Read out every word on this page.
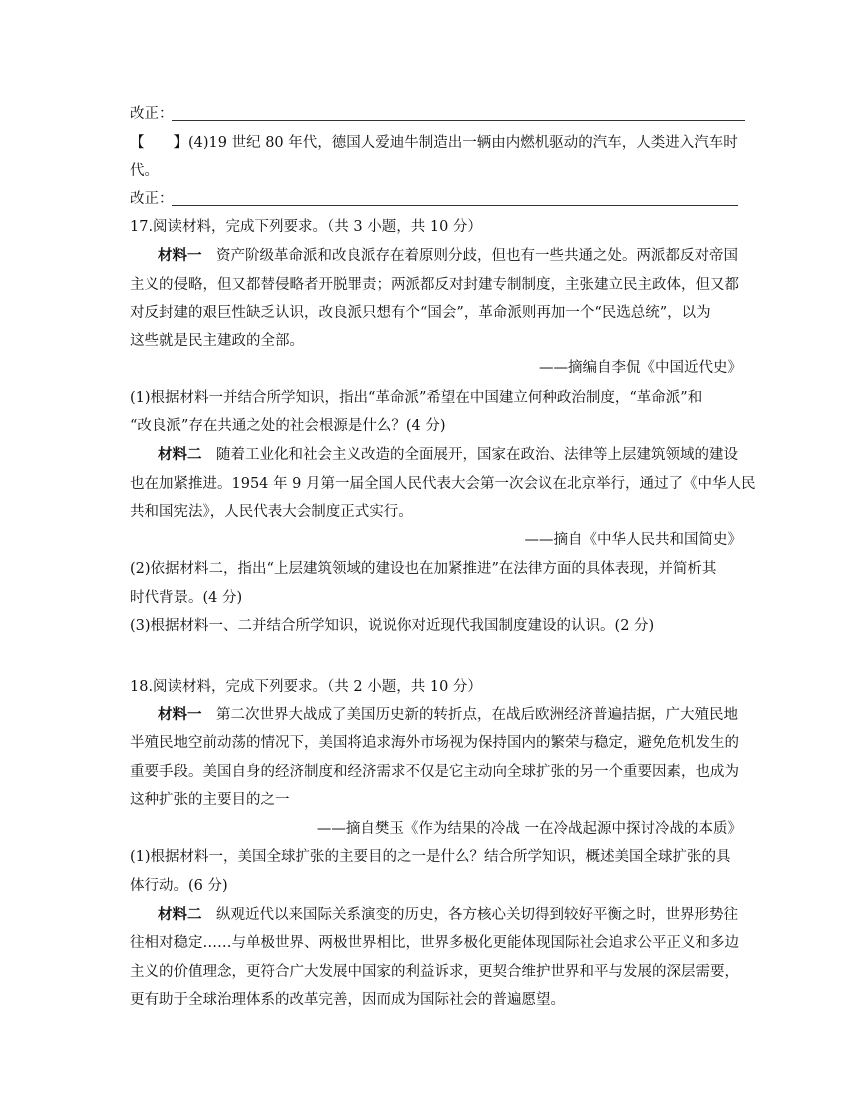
改正：
【　　】(4)19 世纪 80 年代，德国人爱迪牛制造出一辆由内燃机驱动的汽车，人类进入汽车时
代。
改正：
17.阅读材料，完成下列要求。（共 3 小题，共 10 分）
材料一　资产阶级革命派和改良派存在着原则分歧，但也有一些共通之处。两派都反对帝国
主义的侵略，但又都替侵略者开脱罪责；两派都反对封建专制制度，主张建立民主政体，但又都
对反封建的艰巨性缺乏认识，改良派只想有个“国会”，革命派则再加一个“民选总统”，以为
这些就是民主建政的全部。
——摘编自李侃《中国近代史》
(1)根据材料一并结合所学知识，指出“革命派”希望在中国建立何种政治制度，“革命派”和
“改良派”存在共通之处的社会根源是什么？(4 分)
材料二　随着工业化和社会主义改造的全面展开，国家在政治、法律等上层建筑领域的建设
也在加紧推进。1954 年 9 月第一届全国人民代表大会第一次会议在北京举行，通过了《中华人民
共和国宪法》，人民代表大会制度正式实行。
——摘自《中华人民共和国简史》
(2)依据材料二，指出“上层建筑领域的建设也在加紧推进”在法律方面的具体表现，并简析其
时代背景。(4 分)
(3)根据材料一、二并结合所学知识，说说你对近现代我国制度建设的认识。(2 分)
18.阅读材料，完成下列要求。（共 2 小题，共 10 分）
材料一　第二次世界大战成了美国历史新的转折点，在战后欧洲经济普遍拮据，广大殖民地
半殖民地空前动荡的情况下，美国将追求海外市场视为保持国内的繁荣与稳定，避免危机发生的
重要手段。美国自身的经济制度和经济需求不仅是它主动向全球扩张的另一个重要因素，也成为
这种扩张的主要目的之一
——摘自樊玉《作为结果的冷战 一在冷战起源中探讨冷战的本质》
(1)根据材料一，美国全球扩张的主要目的之一是什么？结合所学知识，概述美国全球扩张的具
体行动。(6 分)
材料二　纵观近代以来国际关系演变的历史，各方核心关切得到较好平衡之时，世界形势往
往相对稳定……与单极世界、两极世界相比，世界多极化更能体现国际社会追求公平正义和多边
主义的价值理念，更符合广大发展中国家的利益诉求，更契合维护世界和平与发展的深层需要，
更有助于全球治理体系的改革完善，因而成为国际社会的普遍愿望。
